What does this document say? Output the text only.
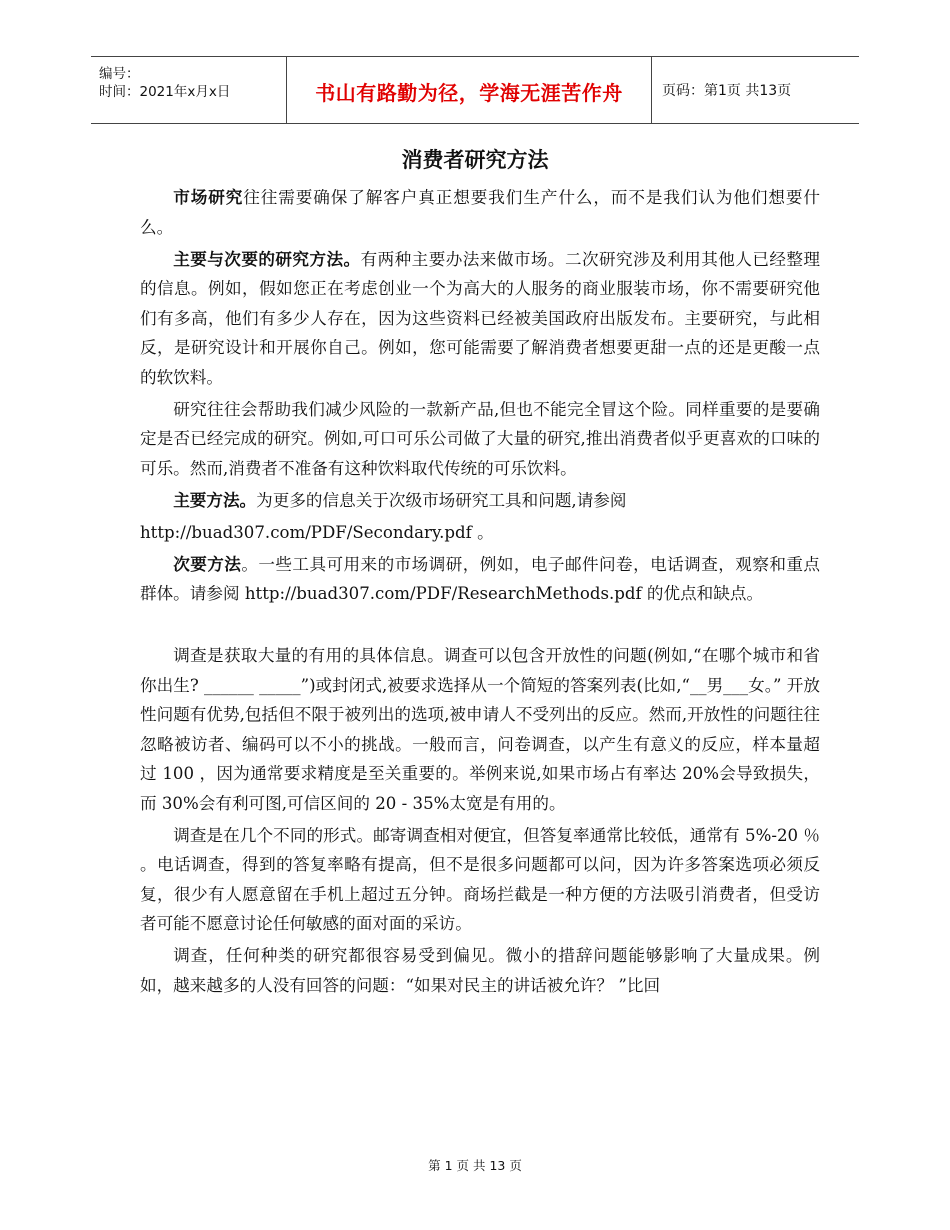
编号：
时间：2021年x月x日	书山有路勤为径，学海无涯苦作舟	页码：第1页 共13页
消费者研究方法

市场研究往往需要确保了解客户真正想要我们生产什么，而不是我们认为他们想要什么。

主要与次要的研究方法。有两种主要办法来做市场。二次研究涉及利用其他人已经整理的信息。例如，假如您正在考虑创业一个为高大的人服务的商业服装市场，你不需要研究他们有多高，他们有多少人存在，因为这些资料已经被美国政府出版发布。主要研究，与此相反，是研究设计和开展你自己。例如，您可能需要了解消费者想要更甜一点的还是更酸一点的软饮料。

研究往往会帮助我们减少风险的一款新产品,但也不能完全冒这个险。同样重要的是要确定是否已经完成的研究。例如,可口可乐公司做了大量的研究,推出消费者似乎更喜欢的口味的可乐。然而,消费者不准备有这种饮料取代传统的可乐饮料。

主要方法。为更多的信息关于次级市场研究工具和问题,请参阅

http://buad307.com/PDF/Secondary.pdf 。

次要方法。一些工具可用来的市场调研，例如，电子邮件问卷，电话调查，观察和重点群体。请参阅 http://buad307.com/PDF/ResearchMethods.pdf 的优点和缺点。

调查是获取大量的有用的具体信息。调查可以包含开放性的问题(例如,“在哪个城市和省你出生? ______ _____”)或封闭式,被要求选择从一个简短的答案列表(比如,“__男___女。” 开放性问题有优势,包括但不限于被列出的选项,被申请人不受列出的反应。然而,开放性的问题往往忽略被访者、编码可以不小的挑战。一般而言，问卷调查，以产生有意义的反应，样本量超过 100 ，因为通常要求精度是至关重要的。举例来说,如果市场占有率达 20%会导致损失，而 30%会有利可图,可信区间的 20 - 35%太宽是有用的。

调查是在几个不同的形式。邮寄调查相对便宜，但答复率通常比较低，通常有 5%-20 ％ 。电话调查，得到的答复率略有提高，但不是很多问题都可以问，因为许多答案选项必须反复，很少有人愿意留在手机上超过五分钟。商场拦截是一种方便的方法吸引消费者，但受访者可能不愿意讨论任何敏感的面对面的采访。

调查，任何种类的研究都很容易受到偏见。微小的措辞问题能够影响了大量成果。例如，越来越多的人没有回答的问题：“如果对民主的讲话被允许？ ”比回

第 1 页 共 13 页
